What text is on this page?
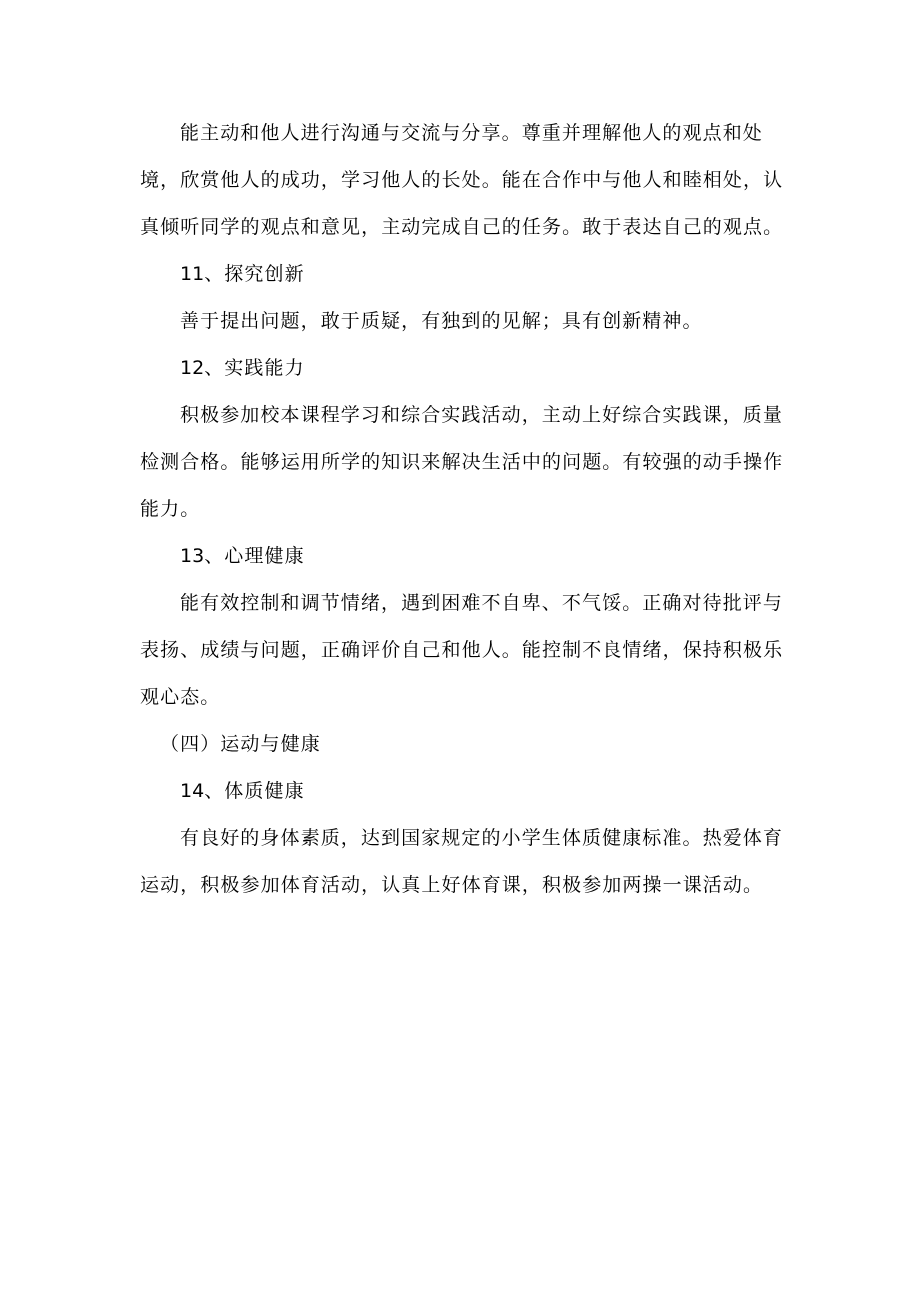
能主动和他人进行沟通与交流与分享。尊重并理解他人的观点和处境，欣赏他人的成功，学习他人的长处。能在合作中与他人和睦相处，认真倾听同学的观点和意见，主动完成自己的任务。敢于表达自己的观点。

11、探究创新

善于提出问题，敢于质疑，有独到的见解；具有创新精神。

12、实践能力

积极参加校本课程学习和综合实践活动，主动上好综合实践课，质量检测合格。能够运用所学的知识来解决生活中的问题。有较强的动手操作能力。

13、心理健康

能有效控制和调节情绪，遇到困难不自卑、不气馁。正确对待批评与表扬、成绩与问题，正确评价自己和他人。能控制不良情绪，保持积极乐观心态。

（四）运动与健康

14、体质健康

有良好的身体素质，达到国家规定的小学生体质健康标准。热爱体育运动，积极参加体育活动，认真上好体育课，积极参加两操一课活动。
